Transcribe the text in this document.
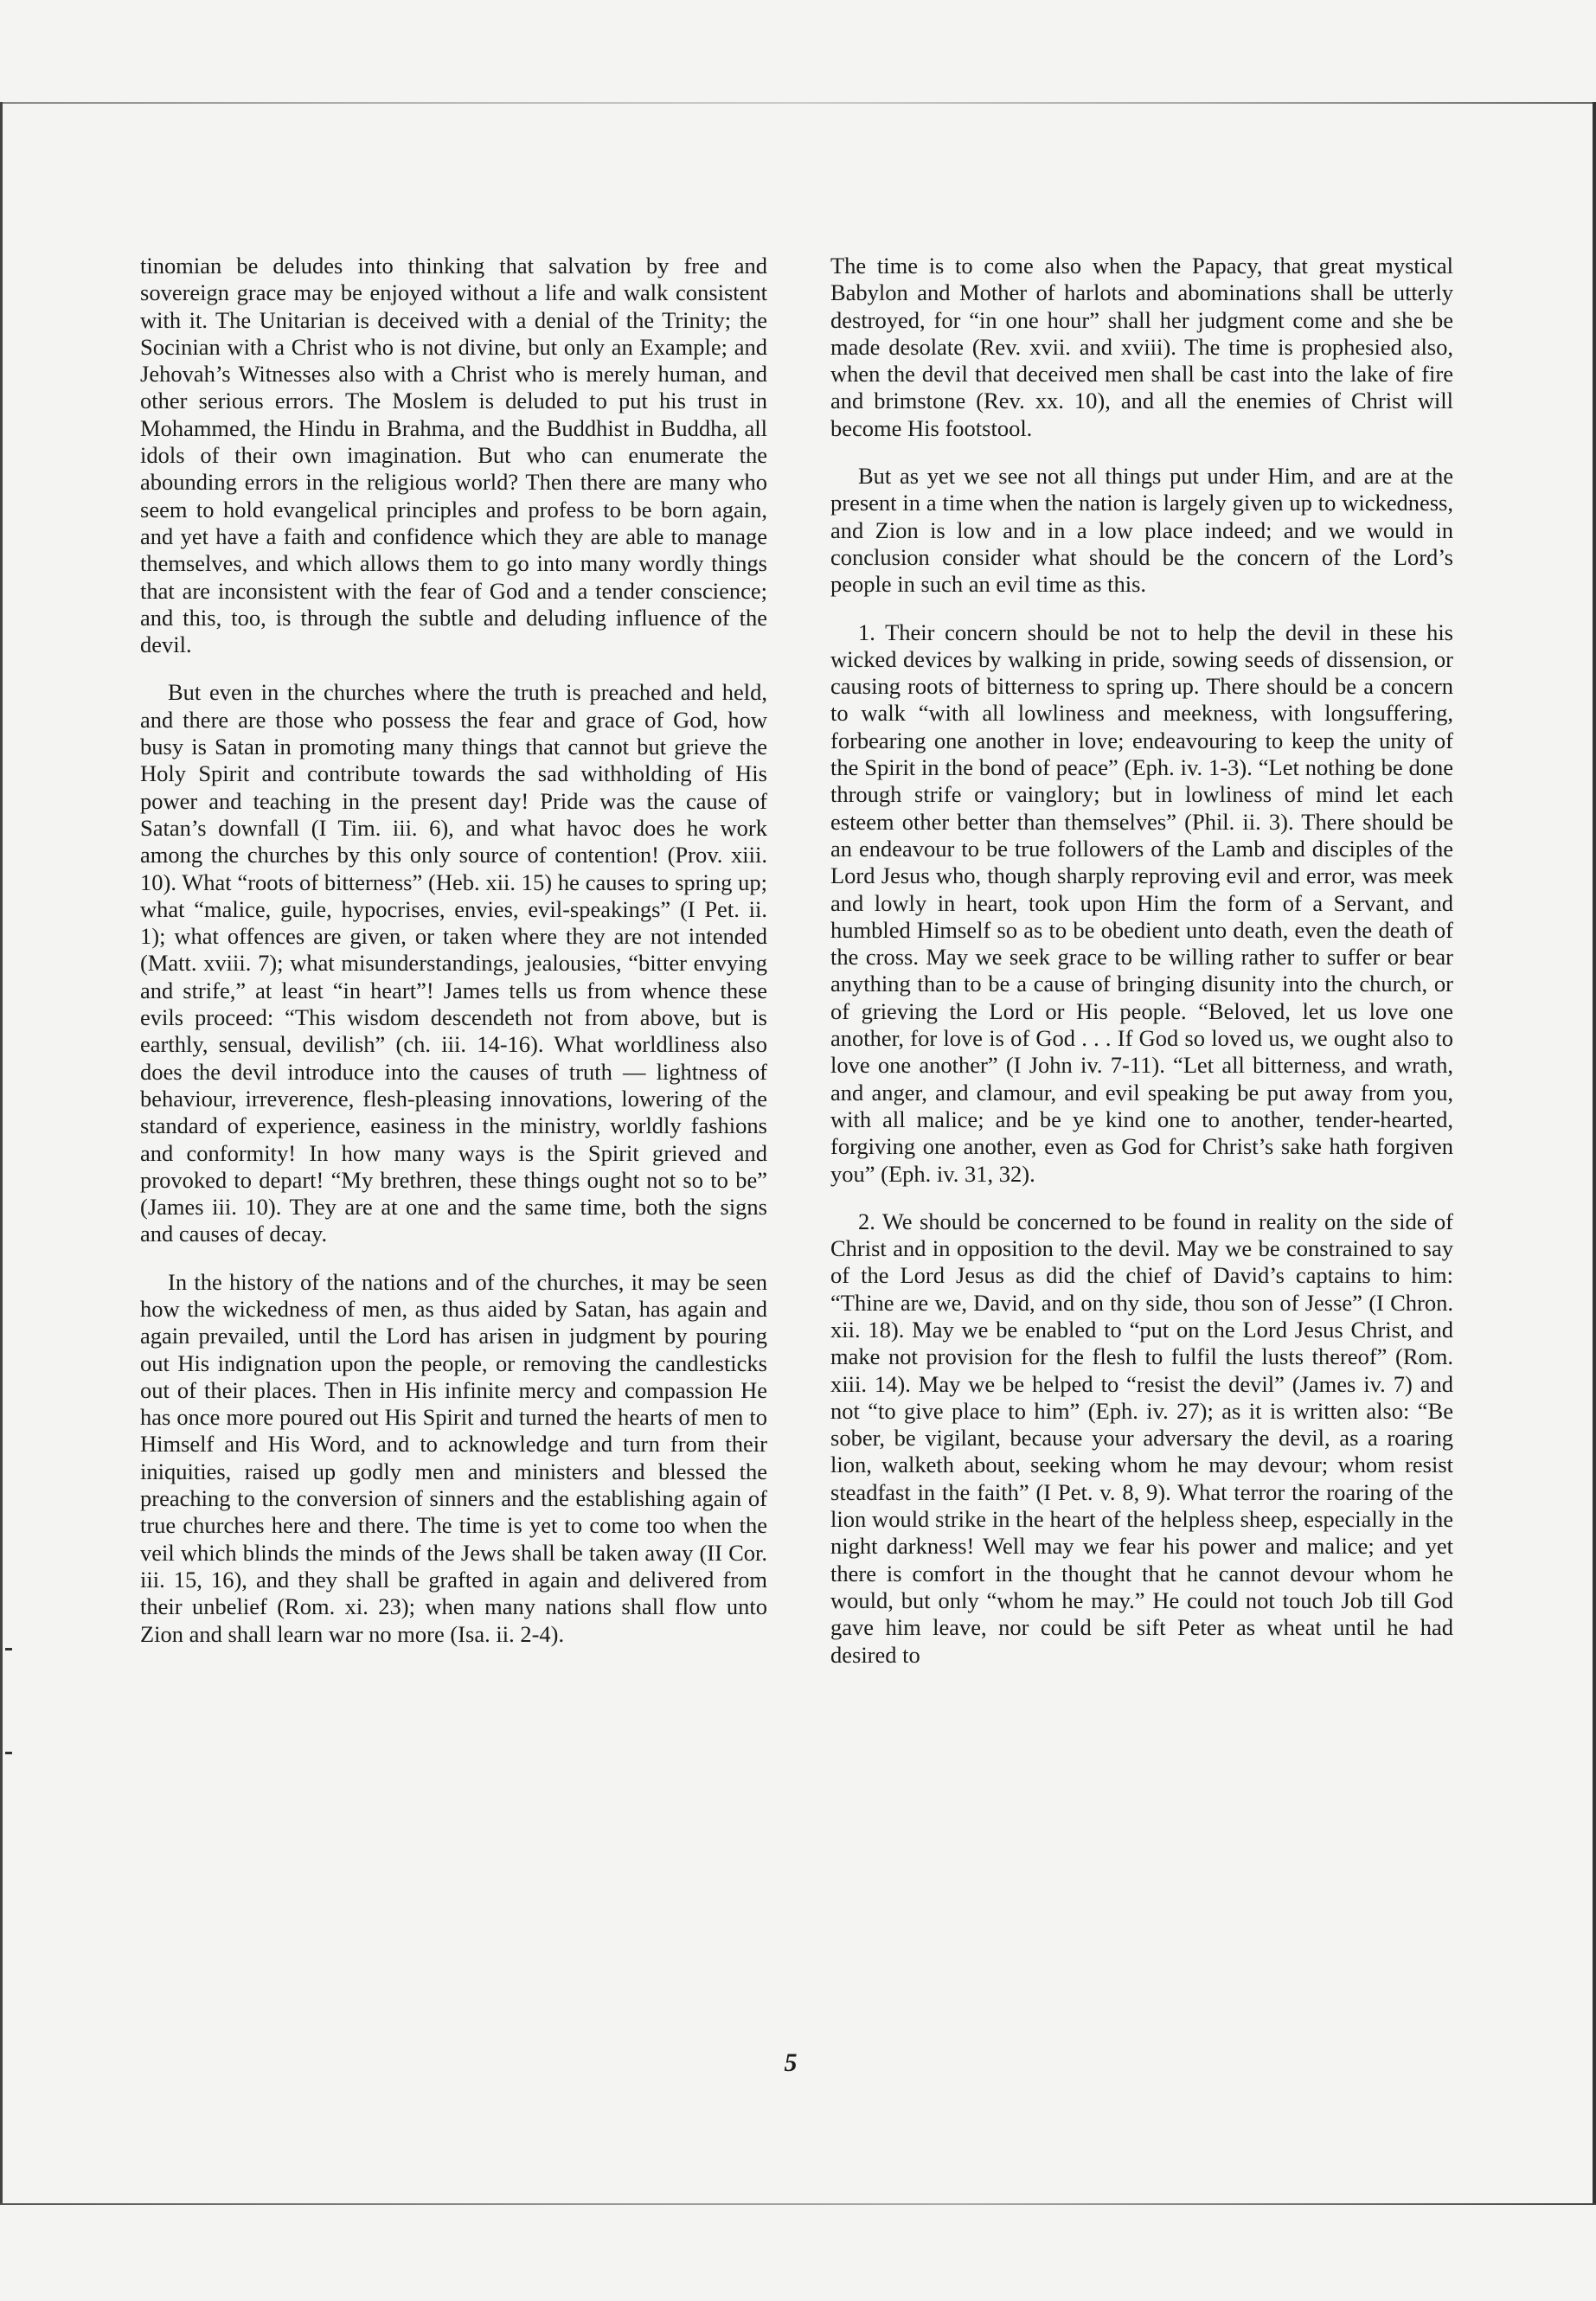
tinomian be deludes into thinking that salvation by free and sovereign grace may be enjoyed without a life and walk consistent with it. The Unitarian is deceived with a denial of the Trinity; the Socinian with a Christ who is not divine, but only an Example; and Jehovah’s Witnesses also with a Christ who is merely human, and other serious errors. The Moslem is deluded to put his trust in Mohammed, the Hindu in Brahma, and the Buddhist in Buddha, all idols of their own imagination. But who can enumerate the abounding errors in the religious world? Then there are many who seem to hold evangelical principles and profess to be born again, and yet have a faith and confidence which they are able to manage themselves, and which allows them to go into many wordly things that are inconsistent with the fear of God and a tender conscience; and this, too, is through the subtle and deluding influence of the devil.

But even in the churches where the truth is preached and held, and there are those who possess the fear and grace of God, how busy is Satan in promoting many things that cannot but grieve the Holy Spirit and contribute towards the sad withholding of His power and teaching in the present day! Pride was the cause of Satan’s downfall (I Tim. iii. 6), and what havoc does he work among the churches by this only source of contention! (Prov. xiii. 10). What “roots of bitterness” (Heb. xii. 15) he causes to spring up; what “malice, guile, hypocrises, envies, evil-speakings” (I Pet. ii. 1); what offences are given, or taken where they are not intended (Matt. xviii. 7); what misunderstandings, jealousies, “bitter envying and strife,” at least “in heart”! James tells us from whence these evils proceed: “This wisdom descendeth not from above, but is earthly, sensual, devilish” (ch. iii. 14-16). What worldliness also does the devil introduce into the causes of truth — lightness of behaviour, irreverence, flesh-pleasing innovations, lowering of the standard of experience, easiness in the ministry, worldly fashions and conformity! In how many ways is the Spirit grieved and provoked to depart! “My brethren, these things ought not so to be” (James iii. 10). They are at one and the same time, both the signs and causes of decay.

In the history of the nations and of the churches, it may be seen how the wickedness of men, as thus aided by Satan, has again and again prevailed, until the Lord has arisen in judgment by pouring out His indignation upon the people, or removing the candlesticks out of their places. Then in His infinite mercy and compassion He has once more poured out His Spirit and turned the hearts of men to Himself and His Word, and to acknowledge and turn from their iniquities, raised up godly men and ministers and blessed the preaching to the conversion of sinners and the establishing again of true churches here and there. The time is yet to come too when the veil which blinds the minds of the Jews shall be taken away (II Cor. iii. 15, 16), and they shall be grafted in again and delivered from their unbelief (Rom. xi. 23); when many nations shall flow unto Zion and shall learn war no more (Isa. ii. 2-4).

The time is to come also when the Papacy, that great mystical Babylon and Mother of harlots and abominations shall be utterly destroyed, for “in one hour” shall her judgment come and she be made desolate (Rev. xvii. and xviii). The time is prophesied also, when the devil that deceived men shall be cast into the lake of fire and brimstone (Rev. xx. 10), and all the enemies of Christ will become His footstool.

But as yet we see not all things put under Him, and are at the present in a time when the nation is largely given up to wickedness, and Zion is low and in a low place indeed; and we would in conclusion consider what should be the concern of the Lord’s people in such an evil time as this.

1. Their concern should be not to help the devil in these his wicked devices by walking in pride, sowing seeds of dissension, or causing roots of bitterness to spring up. There should be a concern to walk “with all lowliness and meekness, with longsuffering, forbearing one another in love; endeavouring to keep the unity of the Spirit in the bond of peace” (Eph. iv. 1-3). “Let nothing be done through strife or vainglory; but in lowliness of mind let each esteem other better than themselves” (Phil. ii. 3). There should be an endeavour to be true followers of the Lamb and disciples of the Lord Jesus who, though sharply reproving evil and error, was meek and lowly in heart, took upon Him the form of a Servant, and humbled Himself so as to be obedient unto death, even the death of the cross. May we seek grace to be willing rather to suffer or bear anything than to be a cause of bringing disunity into the church, or of grieving the Lord or His people. “Beloved, let us love one another, for love is of God . . . If God so loved us, we ought also to love one another” (I John iv. 7-11). “Let all bitterness, and wrath, and anger, and clamour, and evil speaking be put away from you, with all malice; and be ye kind one to another, tender-hearted, forgiving one another, even as God for Christ’s sake hath forgiven you” (Eph. iv. 31, 32).

2. We should be concerned to be found in reality on the side of Christ and in opposition to the devil. May we be constrained to say of the Lord Jesus as did the chief of David’s captains to him: “Thine are we, David, and on thy side, thou son of Jesse” (I Chron. xii. 18). May we be enabled to “put on the Lord Jesus Christ, and make not provision for the flesh to fulfil the lusts thereof” (Rom. xiii. 14). May we be helped to “resist the devil” (James iv. 7) and not “to give place to him” (Eph. iv. 27); as it is written also: “Be sober, be vigilant, because your adversary the devil, as a roaring lion, walketh about, seeking whom he may devour; whom resist steadfast in the faith” (I Pet. v. 8, 9). What terror the roaring of the lion would strike in the heart of the helpless sheep, especially in the night darkness! Well may we fear his power and malice; and yet there is comfort in the thought that he cannot devour whom he would, but only “whom he may.” He could not touch Job till God gave him leave, nor could be sift Peter as wheat until he had desired to

5
